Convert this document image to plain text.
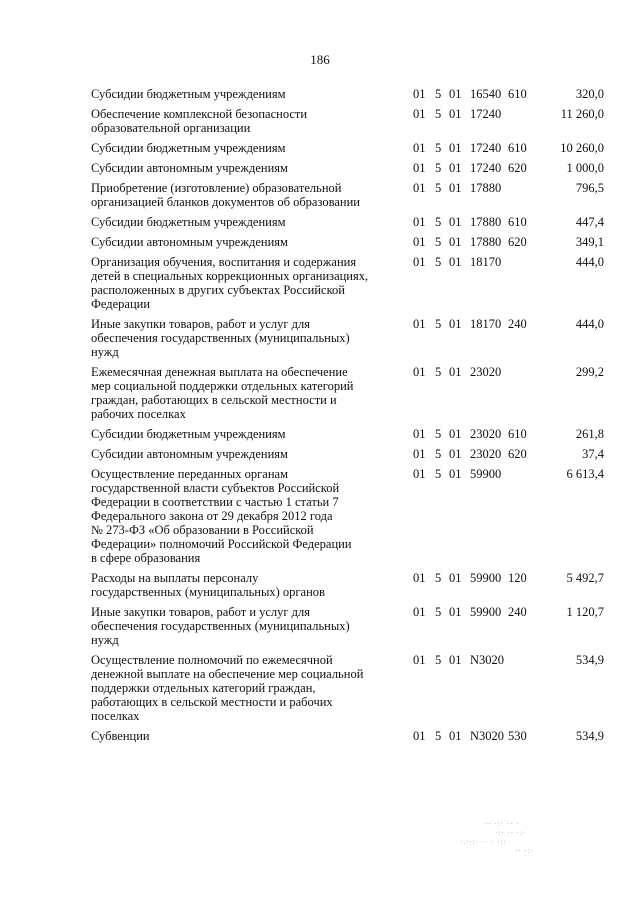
186
Субсидии бюджетным учреждениям	01 5 01 16540 610	320,0
Обеспечение комплексной безопасности
образовательной организации
01 5 01 17240	11 260,0
Субсидии бюджетным учреждениям	01 5 01 17240 610	10 260,0
Субсидии автономным учреждениям	01 5 01 17240 620	1 000,0
Приобретение (изготовление) образовательной
организацией бланков документов об образовании
01 5 01 17880	796,5
Субсидии бюджетным учреждениям	01 5 01 17880 610	447,4
Субсидии автономным учреждениям	01 5 01 17880 620	349,1
Организация обучения, воспитания и содержания
детей в специальных коррекционных организациях,
расположенных в других субъектах Российской
Федерации
01 5 01 18170	444,0
Иные закупки товаров, работ и услуг для
обеспечения государственных (муниципальных)
нужд
01 5 01 18170 240	444,0
Ежемесячная денежная выплата на обеспечение
мер социальной поддержки отдельных категорий
граждан, работающих в сельской местности и
рабочих поселках
01 5 01 23020	299,2
Субсидии бюджетным учреждениям	01 5 01 23020 610	261,8
Субсидии автономным учреждениям	01 5 01 23020 620	37,4
Осуществление переданных органам
государственной власти субъектов Российской
Федерации в соответствии с частью 1 статьи 7
Федерального закона от 29 декабря 2012 года
№ 273-ФЗ «Об образовании в Российской
Федерации» полномочий Российской Федерации
в сфере образования
01 5 01 59900	6 613,4
Расходы на выплаты персоналу
государственных (муниципальных) органов
01 5 01 59900 120	5 492,7
Иные закупки товаров, работ и услуг для
обеспечения государственных (муниципальных)
нужд
01 5 01 59900 240	1 120,7
Осуществление полномочий по ежемесячной
денежной выплате на обеспечение мер социальной
поддержки отдельных категорий граждан,
работающих в сельской местности и рабочих
поселках
01 5 01 N3020	534,9
Субвенции	01 5 01 N3020 530	534,9
·· ·:· ·· ·
·:· ·· ·:·
·.··:· ·· · ·:·
·· ·:·
